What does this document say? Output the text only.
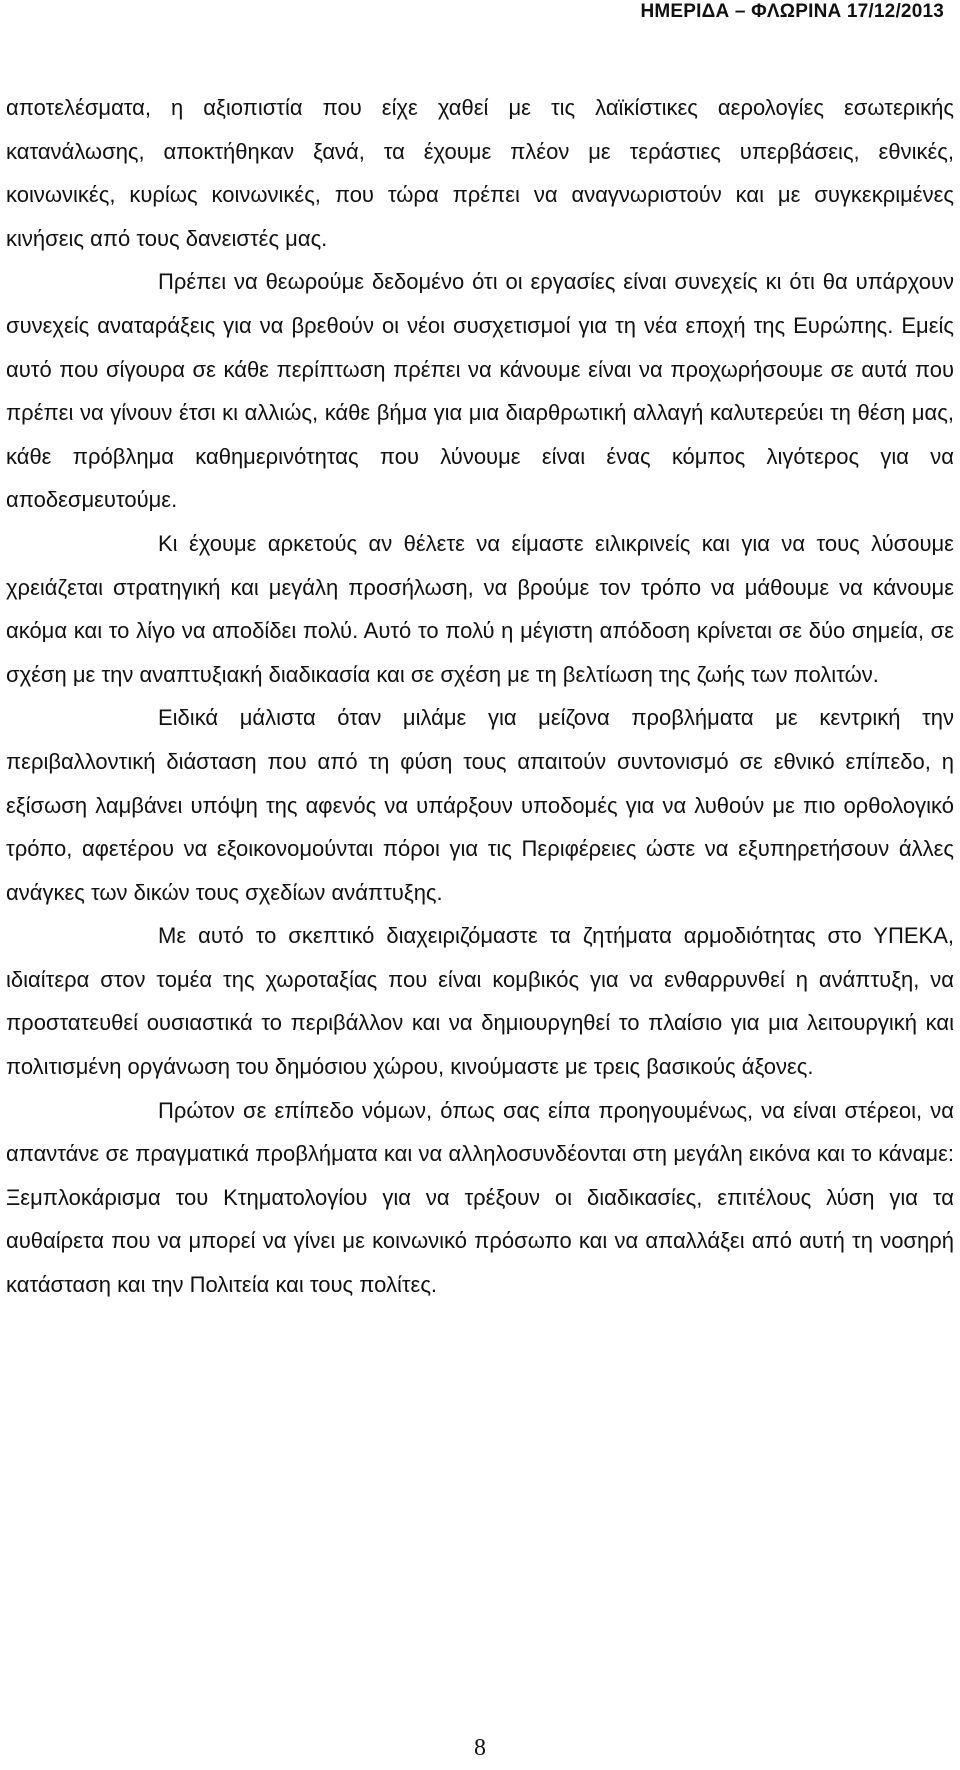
ΗΜΕΡΙΔΑ – ΦΛΩΡΙΝΑ 17/12/2013

αποτελέσματα, η αξιοπιστία που είχε χαθεί με τις λαϊκίστικες αερολογίες εσωτερικής κατανάλωσης, αποκτήθηκαν ξανά, τα έχουμε πλέον με τεράστιες υπερβάσεις, εθνικές, κοινωνικές, κυρίως κοινωνικές, που τώρα πρέπει να αναγνωριστούν και με συγκεκριμένες κινήσεις από τους δανειστές μας.

Πρέπει να θεωρούμε δεδομένο ότι οι εργασίες είναι συνεχείς κι ότι θα υπάρχουν συνεχείς αναταράξεις για να βρεθούν οι νέοι συσχετισμοί για τη νέα εποχή της Ευρώπης. Εμείς αυτό που σίγουρα σε κάθε περίπτωση πρέπει να κάνουμε είναι να προχωρήσουμε σε αυτά που πρέπει να γίνουν έτσι κι αλλιώς, κάθε βήμα για μια διαρθρωτική αλλαγή καλυτερεύει τη θέση μας, κάθε πρόβλημα καθημερινότητας που λύνουμε είναι ένας κόμπος λιγότερος για να αποδεσμευτούμε.

Κι έχουμε αρκετούς αν θέλετε να είμαστε ειλικρινείς και για να τους λύσουμε χρειάζεται στρατηγική και μεγάλη προσήλωση, να βρούμε τον τρόπο να μάθουμε να κάνουμε ακόμα και το λίγο να αποδίδει πολύ. Αυτό το πολύ η μέγιστη απόδοση κρίνεται σε δύο σημεία, σε σχέση με την αναπτυξιακή διαδικασία και σε σχέση με τη βελτίωση της ζωής των πολιτών.

Ειδικά μάλιστα όταν μιλάμε για μείζονα προβλήματα με κεντρική την περιβαλλοντική διάσταση που από τη φύση τους απαιτούν συντονισμό σε εθνικό επίπεδο, η εξίσωση λαμβάνει υπόψη της αφενός να υπάρξουν υποδομές για να λυθούν με πιο ορθολογικό τρόπο, αφετέρου να εξοικονομούνται πόροι για τις Περιφέρειες ώστε να εξυπηρετήσουν άλλες ανάγκες των δικών τους σχεδίων ανάπτυξης.

Με αυτό το σκεπτικό διαχειριζόμαστε τα ζητήματα αρμοδιότητας στο ΥΠΕΚΑ, ιδιαίτερα στον τομέα της χωροταξίας που είναι κομβικός για να ενθαρρυνθεί η ανάπτυξη, να προστατευθεί ουσιαστικά το περιβάλλον και να δημιουργηθεί το πλαίσιο για μια λειτουργική και πολιτισμένη οργάνωση του δημόσιου χώρου, κινούμαστε με τρεις βασικούς άξονες.

Πρώτον σε επίπεδο νόμων, όπως σας είπα προηγουμένως, να είναι στέρεοι, να απαντάνε σε πραγματικά προβλήματα και να αλληλοσυνδέονται στη μεγάλη εικόνα και το κάναμε: Ξεμπλοκάρισμα του Κτηματολογίου για να τρέξουν οι διαδικασίες, επιτέλους λύση για τα αυθαίρετα που να μπορεί να γίνει με κοινωνικό πρόσωπο και να απαλλάξει από αυτή τη νοσηρή κατάσταση και την Πολιτεία και τους πολίτες.

8
